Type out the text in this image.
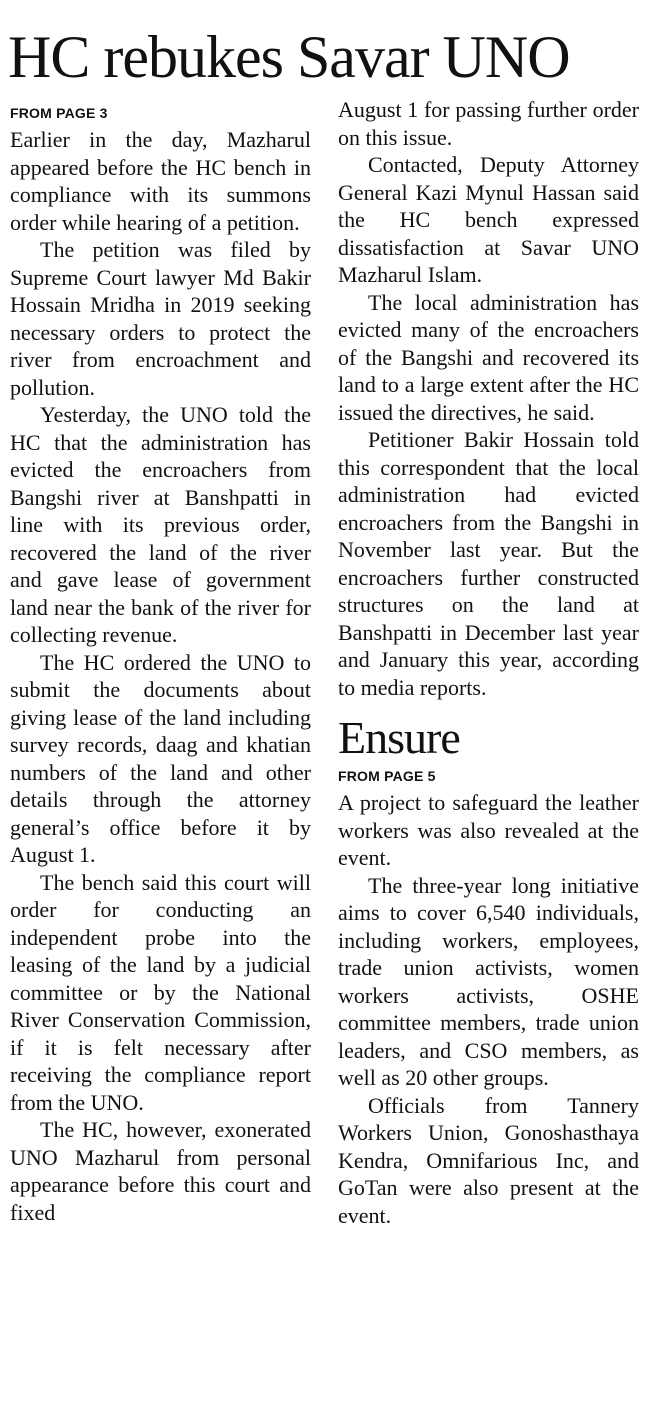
HC rebukes Savar UNO
FROM PAGE 3

Earlier in the day, Mazharul appeared before the HC bench in compliance with its summons order while hearing of a petition.

The petition was filed by Supreme Court lawyer Md Bakir Hossain Mridha in 2019 seeking necessary orders to protect the river from encroachment and pollution.

Yesterday, the UNO told the HC that the administration has evicted the encroachers from Bangshi river at Banshpatti in line with its previous order, recovered the land of the river and gave lease of government land near the bank of the river for collecting revenue.

The HC ordered the UNO to submit the documents about giving lease of the land including survey records, daag and khatian numbers of the land and other details through the attorney general’s office before it by August 1.

The bench said this court will order for conducting an independent probe into the leasing of the land by a judicial committee or by the National River Conservation Commission, if it is felt necessary after receiving the compliance report from the UNO.

The HC, however, exonerated UNO Mazharul from personal appearance before this court and fixed

August 1 for passing further order on this issue.

Contacted, Deputy Attorney General Kazi Mynul Hassan said the HC bench expressed dissatisfaction at Savar UNO Mazharul Islam.

The local administration has evicted many of the encroachers of the Bangshi and recovered its land to a large extent after the HC issued the directives, he said.

Petitioner Bakir Hossain told this correspondent that the local administration had evicted encroachers from the Bangshi in November last year. But the encroachers further constructed structures on the land at Banshpatti in December last year and January this year, according to media reports.

Ensure
FROM PAGE 5

A project to safeguard the leather workers was also revealed at the event.

The three-year long initiative aims to cover 6,540 individuals, including workers, employees, trade union activists, women workers activists, OSHE committee members, trade union leaders, and CSO members, as well as 20 other groups.

Officials from Tannery Workers Union, Gonoshasthaya Kendra, Omnifarious Inc, and GoTan were also present at the event.
